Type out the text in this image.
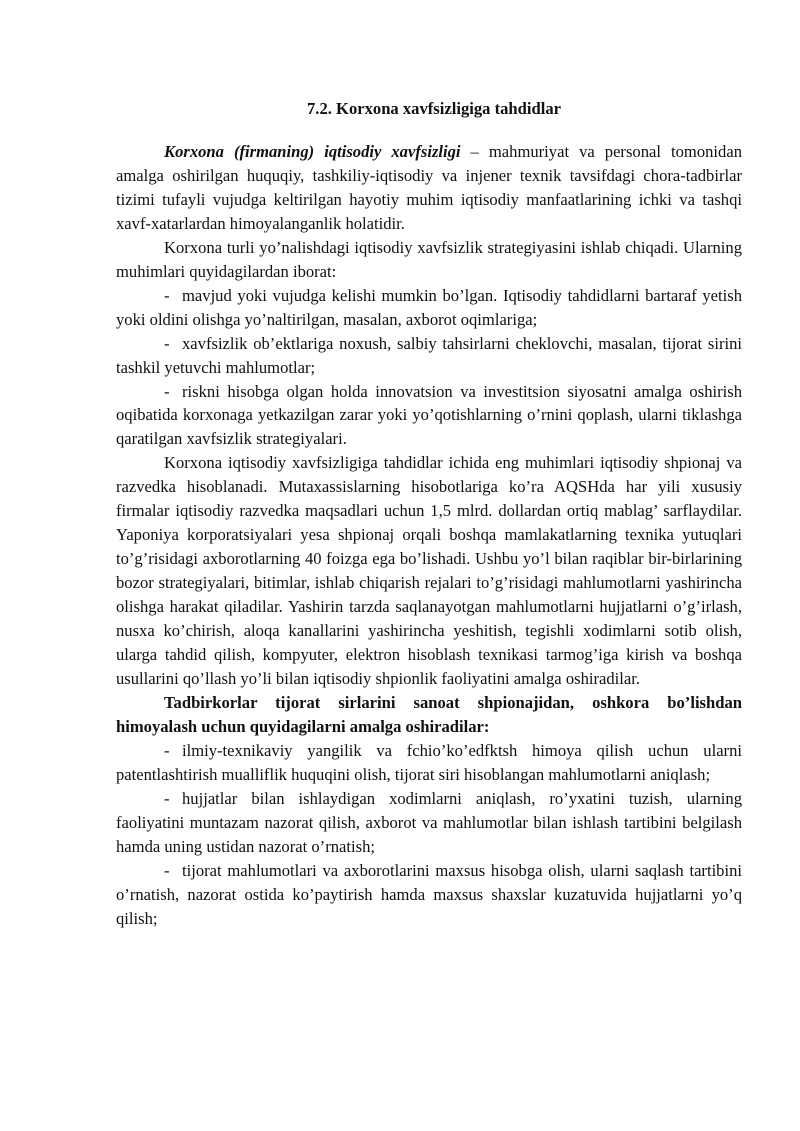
7.2. Korxona xavfsizligiga tahdidlar

Korxona (firmaning) iqtisodiy xavfsizligi – mahmuriyat va personal tomonidan amalga oshirilgan huquqiy, tashkiliy-iqtisodiy va injener texnik tavsifdagi chora-tadbirlar tizimi tufayli vujudga keltirilgan hayotiy muhim iqtisodiy manfaatlarining ichki va tashqi xavf-xatarlardan himoyalanganlik holatidir.

Korxona turli yo’nalishdagi iqtisodiy xavfsizlik strategiyasini ishlab chiqadi. Ularning muhimlari quyidagilardan iborat:

- mavjud yoki vujudga kelishi mumkin bo’lgan. Iqtisodiy tahdidlarni bartaraf yetish yoki oldini olishga yo’naltirilgan, masalan, axborot oqimlariga;

- xavfsizlik ob’ektlariga noxush, salbiy tahsirlarni cheklovchi, masalan, tijorat sirini tashkil yetuvchi mahlumotlar;

- riskni hisobga olgan holda innovatsion va investitsion siyosatni amalga oshirish oqibatida korxonaga yetkazilgan zarar yoki yo’qotishlarning o’rnini qoplash, ularni tiklashga qaratilgan xavfsizlik strategiyalari.

Korxona iqtisodiy xavfsizligiga tahdidlar ichida eng muhimlari iqtisodiy shpionaj va razvedka hisoblanadi. Mutaxassislarning hisobotlariga ko’ra AQSHda har yili xususiy firmalar iqtisodiy razvedka maqsadlari uchun 1,5 mlrd. dollardan ortiq mablag’ sarflaydilar. Yaponiya korporatsiyalari yesa shpionaj orqali boshqa mamlakatlarning texnika yutuqlari to’g’risidagi axborotlarning 40 foizga ega bo’lishadi. Ushbu yo’l bilan raqiblar bir-birlarining bozor strategiyalari, bitimlar, ishlab chiqarish rejalari to’g’risidagi mahlumotlarni yashirincha olishga harakat qiladilar. Yashirin tarzda saqlanayotgan mahlumotlarni hujjatlarni o’g’irlash, nusxa ko’chirish, aloqa kanallarini yashirincha yeshitish, tegishli xodimlarni sotib olish, ularga tahdid qilish, kompyuter, elektron hisoblash texnikasi tarmog’iga kirish va boshqa usullarini qo’llash yo’li bilan iqtisodiy shpionlik faoliyatini amalga oshiradilar.

Tadbirkorlar tijorat sirlarini sanoat shpionajidan, oshkora bo’lishdan himoyalash uchun quyidagilarni amalga oshiradilar:

- ilmiy-texnikaviy yangilik va fchio’ko’edfktsh himoya qilish uchun ularni patentlashtirish mualliflik huquqini olish, tijorat siri hisoblangan mahlumotlarni aniqlash;

- hujjatlar bilan ishlaydigan xodimlarni aniqlash, ro’yxatini tuzish, ularning faoliyatini muntazam nazorat qilish, axborot va mahlumotlar bilan ishlash tartibini belgilash hamda uning ustidan nazorat o’rnatish;

- tijorat mahlumotlari va axborotlarini maxsus hisobga olish, ularni saqlash tartibini o’rnatish, nazorat ostida ko’paytirish hamda maxsus shaxslar kuzatuvida hujjatlarni yo’q qilish;
